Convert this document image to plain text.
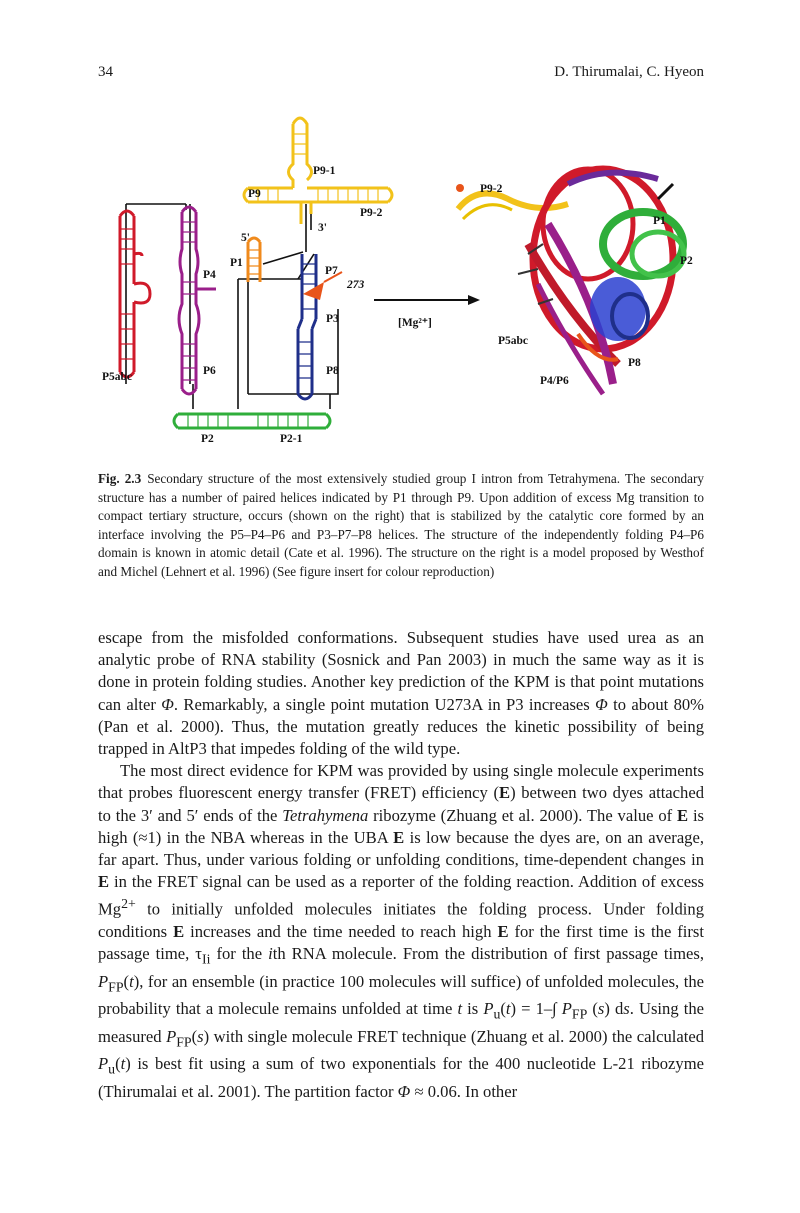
34	D. Thirumalai, C. Hyeon
P9-1
P9
P9-2
3'
5'
P1
P4	P7
273
P3
P5abc	P6	P8
P2	P2-1
[Mg²⁺]
P9-2
P1
P2
P5abc
P8
P4/P6
Fig. 2.3 Secondary structure of the most extensively studied group I intron from Tetrahymena. The secondary structure has a number of paired helices indicated by P1 through P9. Upon addition of excess Mg transition to compact tertiary structure, occurs (shown on the right) that is stabilized by the catalytic core formed by an interface involving the P5–P4–P6 and P3–P7–P8 helices. The structure of the independently folding P4–P6 domain is known in atomic detail (Cate et al. 1996). The structure on the right is a model proposed by Westhof and Michel (Lehnert et al. 1996) (See figure insert for colour reproduction)

escape from the misfolded conformations. Subsequent studies have used urea as an analytic probe of RNA stability (Sosnick and Pan 2003) in much the same way as it is done in protein folding studies. Another key prediction of the KPM is that point mutations can alter Φ. Remarkably, a single point mutation U273A in P3 increases Φ to about 80% (Pan et al. 2000). Thus, the mutation greatly reduces the kinetic possibility of being trapped in AltP3 that impedes folding of the wild type.

The most direct evidence for KPM was provided by using single molecule experiments that probes fluorescent energy transfer (FRET) efficiency (E) between two dyes attached to the 3′ and 5′ ends of the Tetrahymena ribozyme (Zhuang et al. 2000). The value of E is high (≈1) in the NBA whereas in the UBA E is low because the dyes are, on an average, far apart. Thus, under various folding or unfolding conditions, time-dependent changes in E in the FRET signal can be used as a reporter of the folding reaction. Addition of excess $Mg^{2+}$ to initially unfolded molecules initiates the folding process. Under folding conditions E increases and the time needed to reach high E for the first time is the first passage time, $\tau_{Ii}$ for the ith RNA molecule. From the distribution of first passage times, $P_{FP}(t)$, for an ensemble (in practice 100 molecules will suffice) of unfolded molecules, the probability that a molecule remains unfolded at time t is $P_u(t) = 1-\int$ $P_{FP}$ (s) ds. Using the measured $P_{FP}(s)$ with single molecule FRET technique (Zhuang et al. 2000) the calculated $P_u(t)$ is best fit using a sum of two exponentials for the 400 nucleotide L-21 ribozyme (Thirumalai et al. 2001). The partition factor Φ ≈ 0.06. In other
